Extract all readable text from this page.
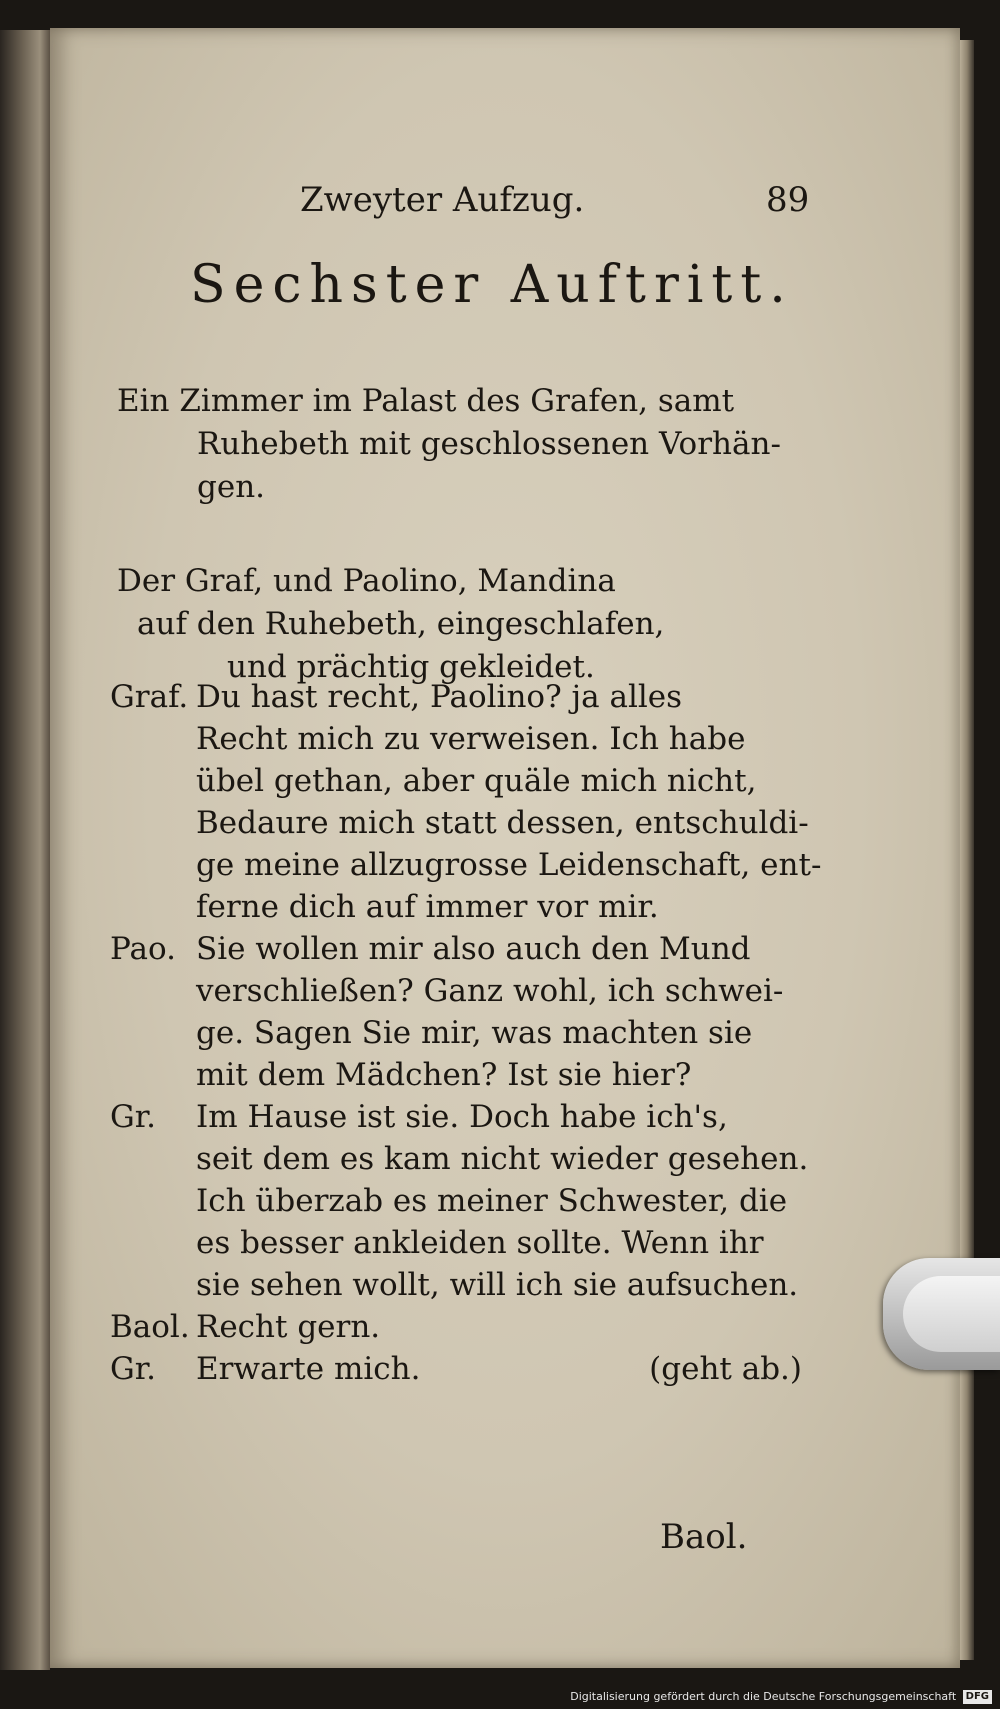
Zweyter Aufzug.	89
Sechster Auftritt.
Ein Zimmer im Palast des Grafen, samt
Ruhebeth mit geschlossenen Vorhän-
gen.
Der Graf, und Paolino, Mandina
auf den Ruhebeth, eingeschlafen,
und prächtig gekleidet.
Graf. Du hast recht, Paolino? ja alles
Recht mich zu verweisen. Ich habe
übel gethan, aber quäle mich nicht,
Bedaure mich statt dessen, entschuldi-
ge meine allzugrosse Leidenschaft, ent-
ferne dich auf immer vor mir.
Pao. Sie wollen mir also auch den Mund
verschließen? Ganz wohl, ich schwei-
ge. Sagen Sie mir, was machten sie
mit dem Mädchen? Ist sie hier?
Gr. Im Hause ist sie. Doch habe ich's,
seit dem es kam nicht wieder gesehen.
Ich überzab es meiner Schwester, die
es besser ankleiden sollte. Wenn ihr
sie sehen wollt, will ich sie aufsuchen.
Baol. Recht gern.
Gr. Erwarte mich.	(geht ab.)
Baol.
Digitalisierung gefördert durch die Deutsche Forschungsgemeinschaft DFG
